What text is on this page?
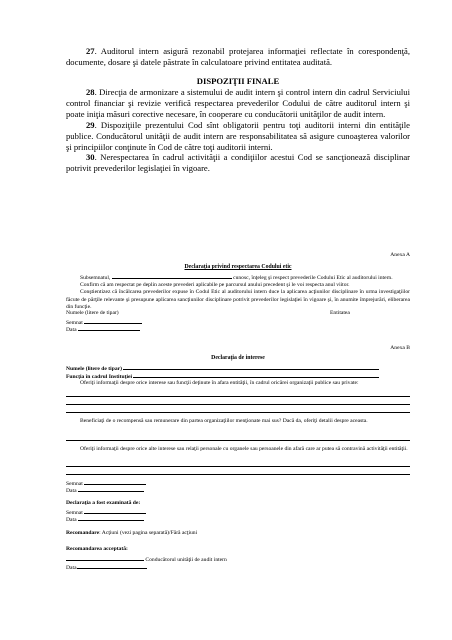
27. Auditorul intern asigură rezonabil protejarea informaţiei reflectate în corespondenţă, documente, dosare şi datele păstrate în calculatoare privind entitatea auditată.

DISPOZIŢII FINALE

28. Direcţia de armonizare a sistemului de audit intern şi control intern din cadrul Serviciului control financiar şi revizie verifică respectarea prevederilor Codului de către auditorul intern şi poate iniţia măsuri corective necesare, în cooperare cu conducătorii unităţilor de audit intern.

29. Dispoziţiile prezentului Cod sînt obligatorii pentru toţi auditorii interni din entităţile publice. Conducătorul unităţii de audit intern are responsabilitatea să asigure cunoaşterea valorilor şi principiilor conţinute în Cod de către toţi auditorii interni.

30. Nerespectarea în cadrul activităţii a condiţiilor acestui Cod se sancţionează disciplinar potrivit prevederilor legislaţiei în vigoare.

Anexa A
Declaraţia privind respectarea Codului etic

Subsemnatul,	cunosc, înţeleg şi respect prevederile Codului Etic al auditorului intern.

Confirm că am respectat pe deplin aceste prevederi aplicabile pe parcursul anului precedent şi le voi respecta anul viitor.

Conştientizez că încălcarea prevederilor expuse în Codul Etic al auditorului intern duce la aplicarea acţiunilor disciplinare în urma investigaţiilor făcute de părţile relevante şi presupune aplicarea sancţiunilor disciplinare potrivit prevederilor legislaţiei în vigoare şi, în anumite împrejurări, eliberarea din funcţie.

Numele (litere de tipar)	Entitatea
Semnat
Data
Anexa B
Declaraţia de interese
Numele (litere de tipar)
Funcţia în cadrul Instituţiei

Oferiţi informaţii despre orice interese sau funcţii deţinute în afara entităţii, în cadrul oricărei organizaţii publice sau private:

Beneficiaţi de o recompensă sau remunerare din partea organizaţiilor menţionate mai sus? Dacă da, oferiţi detalii despre aceasta.

Oferiţi informaţii despre orice alte interese sau relaţii personale cu organele sau persoanele din afară care ar putea să contravină activităţii entităţii.

Semnat
Data
Declaraţia a fost examinată de:
Semnat
Data
Recomandare: Acţiuni (vezi pagina separată)/Fără acţiuni
Recomandarea acceptată:
Conducătorul unităţii de audit intern
Data
